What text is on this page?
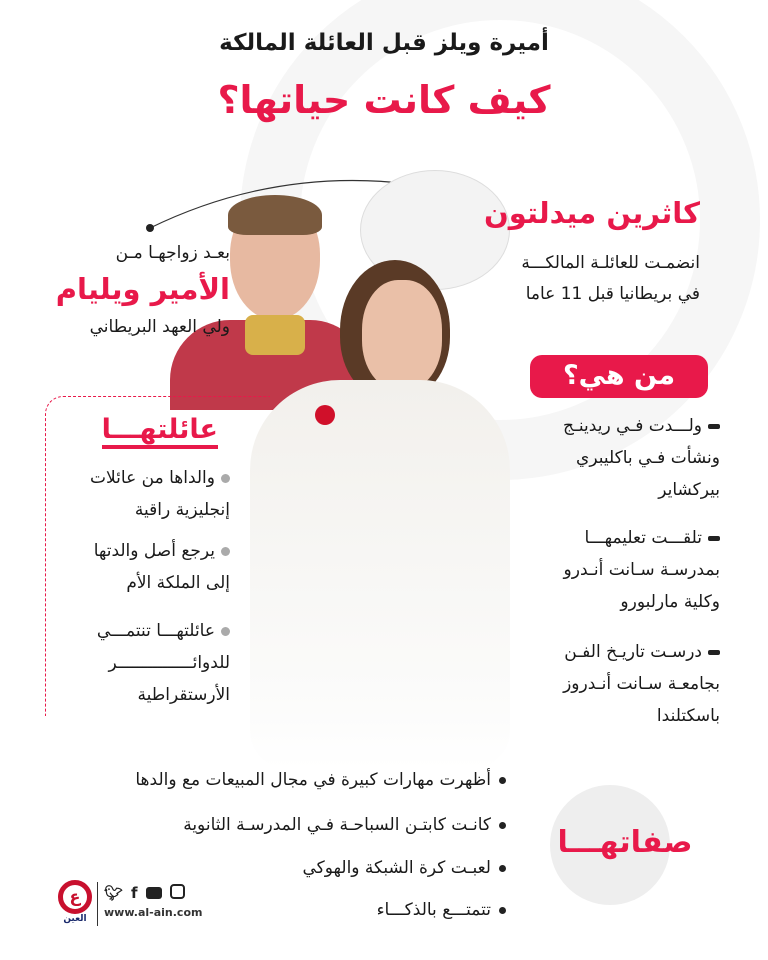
أميرة ويلز قبل العائلة المالكة
كيف كانت حياتها؟
بعـد زواجهـا مـن
الأمير ويليام
ولي العهد البريطاني
كاثرين ميدلتون
انضمـت للعائلـة المالكـــة
في بريطانيا قبل 11 عاما
من هي؟
ولـــدت فـي ريدينـج
ونشأت فـي باكليبري
بيركشاير
تلقـــت تعليمهـــا
بمدرسـة سـانت أنـدرو
وكلية مارلبورو
درسـت تاريـخ الفـن
بجامعـة سـانت أنـدروز
باسكتلندا
عائلتهـــا
والداها من عائلات
إنجليزية راقية
يرجع أصل والدتها
إلى الملكة الأم
عائلتهـــا تنتمـــي
للدوائـــــــــــــــر
الأرستقراطية
أظهرت مهارات كبيرة في مجال المبيعات مع والدها
كانـت كابتـن السباحـة فـي المدرسـة الثانوية
لعبـت كرة الشبكة والهوكي
تتمتـــع بالذكـــاء
صفاتهـــا
ع
العين
🐦︎ f
www.al-ain.com
